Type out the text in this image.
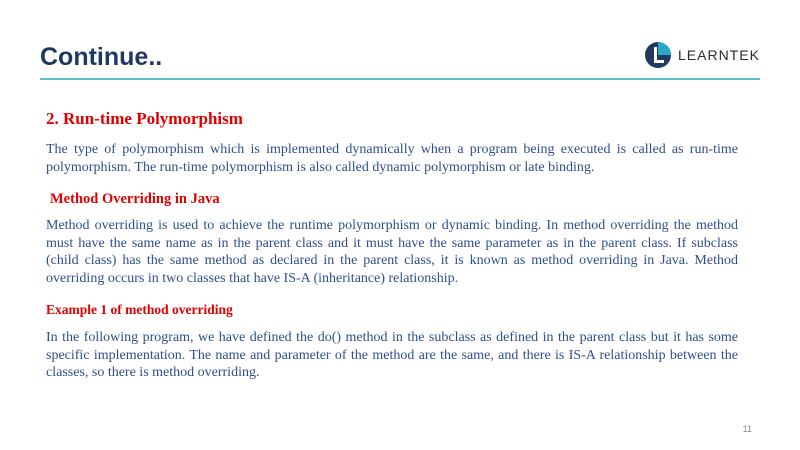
Continue..	LEARNTEK
2. Run-time Polymorphism

The type of polymorphism which is implemented dynamically when a program being executed is called as run-time polymorphism. The run-time polymorphism is also called dynamic polymorphism or late binding.

Method Overriding in Java

Method overriding is used to achieve the runtime polymorphism or dynamic binding. In method overriding the method must have the same name as in the parent class and it must have the same parameter as in the parent class. If subclass (child class) has the same method as declared in the parent class, it is known as method overriding in Java. Method overriding occurs in two classes that have IS-A (inheritance) relationship.

Example 1 of method overriding

In the following program, we have defined the do() method in the subclass as defined in the parent class but it has some specific implementation. The name and parameter of the method are the same, and there is IS-A relationship between the classes, so there is method overriding.

11
